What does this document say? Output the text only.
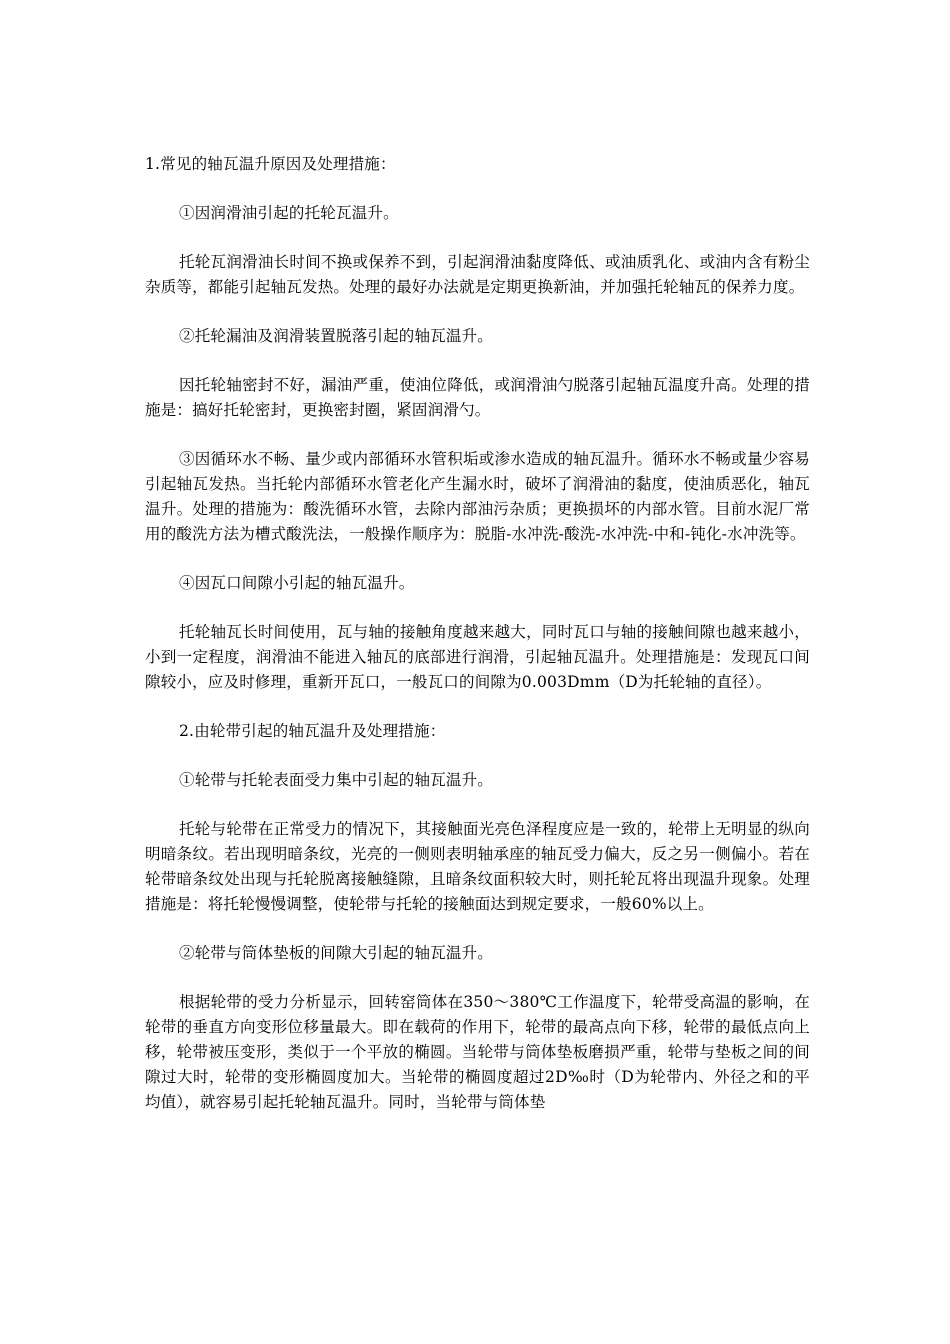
1.常见的轴瓦温升原因及处理措施：

①因润滑油引起的托轮瓦温升。

托轮瓦润滑油长时间不换或保养不到，引起润滑油黏度降低、或油质乳化、或油内含有粉尘杂质等，都能引起轴瓦发热。处理的最好办法就是定期更换新油，并加强托轮轴瓦的保养力度。

②托轮漏油及润滑装置脱落引起的轴瓦温升。

因托轮轴密封不好，漏油严重，使油位降低，或润滑油勺脱落引起轴瓦温度升高。处理的措施是：搞好托轮密封，更换密封圈，紧固润滑勺。

③因循环水不畅、量少或内部循环水管积垢或渗水造成的轴瓦温升。循环水不畅或量少容易引起轴瓦发热。当托轮内部循环水管老化产生漏水时，破坏了润滑油的黏度，使油质恶化，轴瓦温升。处理的措施为：酸洗循环水管，去除内部油污杂质；更换损坏的内部水管。目前水泥厂常用的酸洗方法为槽式酸洗法，一般操作顺序为：脱脂-水冲洗-酸洗-水冲洗-中和-钝化-水冲洗等。

④因瓦口间隙小引起的轴瓦温升。

托轮轴瓦长时间使用，瓦与轴的接触角度越来越大，同时瓦口与轴的接触间隙也越来越小，小到一定程度，润滑油不能进入轴瓦的底部进行润滑，引起轴瓦温升。处理措施是：发现瓦口间隙较小，应及时修理，重新开瓦口，一般瓦口的间隙为0.003Dmm（D为托轮轴的直径）。

2.由轮带引起的轴瓦温升及处理措施：

①轮带与托轮表面受力集中引起的轴瓦温升。

托轮与轮带在正常受力的情况下，其接触面光亮色泽程度应是一致的，轮带上无明显的纵向明暗条纹。若出现明暗条纹，光亮的一侧则表明轴承座的轴瓦受力偏大，反之另一侧偏小。若在轮带暗条纹处出现与托轮脱离接触缝隙，且暗条纹面积较大时，则托轮瓦将出现温升现象。处理措施是：将托轮慢慢调整，使轮带与托轮的接触面达到规定要求，一般60%以上。

②轮带与筒体垫板的间隙大引起的轴瓦温升。

根据轮带的受力分析显示，回转窑筒体在350～380℃工作温度下，轮带受高温的影响，在轮带的垂直方向变形位移量最大。即在载荷的作用下，轮带的最高点向下移，轮带的最低点向上移，轮带被压变形，类似于一个平放的椭圆。当轮带与筒体垫板磨损严重，轮带与垫板之间的间隙过大时，轮带的变形椭圆度加大。当轮带的椭圆度超过2D‰时（D为轮带内、外径之和的平均值），就容易引起托轮轴瓦温升。同时，当轮带与筒体垫
